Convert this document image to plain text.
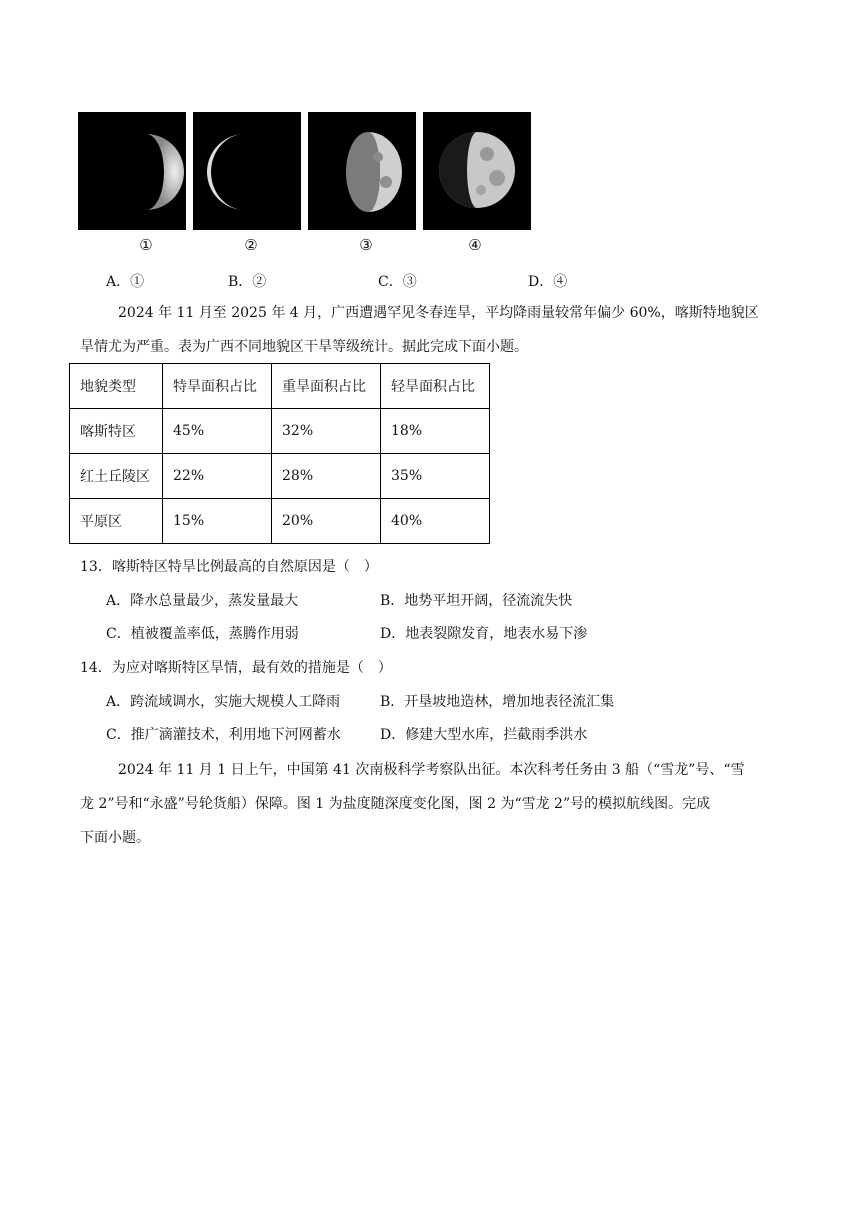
①	②	③	④
A．①	B．②	C．③	D．④
2024 年 11 月至 2025 年 4 月，广西遭遇罕见冬春连旱，平均降雨量较常年偏少 60%，喀斯特地貌区
旱情尤为严重。表为广西不同地貌区干旱等级统计。据此完成下面小题。
地貌类型	特旱面积占比	重旱面积占比	轻旱面积占比
喀斯特区	45%	32%	18%
红土丘陵区	22%	28%	35%
平原区	15%	20%	40%
13．喀斯特区特旱比例最高的自然原因是（　）
A．降水总量最少，蒸发量最大	B．地势平坦开阔，径流流失快
C．植被覆盖率低，蒸腾作用弱	D．地表裂隙发育，地表水易下渗
14．为应对喀斯特区旱情，最有效的措施是（　）
A．跨流域调水，实施大规模人工降雨	B．开垦坡地造林，增加地表径流汇集
C．推广滴灌技术，利用地下河网蓄水	D．修建大型水库，拦截雨季洪水
2024 年 11 月 1 日上午，中国第 41 次南极科学考察队出征。本次科考任务由 3 船（“雪龙”号、“雪
龙 2”号和“永盛”号轮货船）保障。图 1 为盐度随深度变化图，图 2 为“雪龙 2”号的模拟航线图。完成
下面小题。
